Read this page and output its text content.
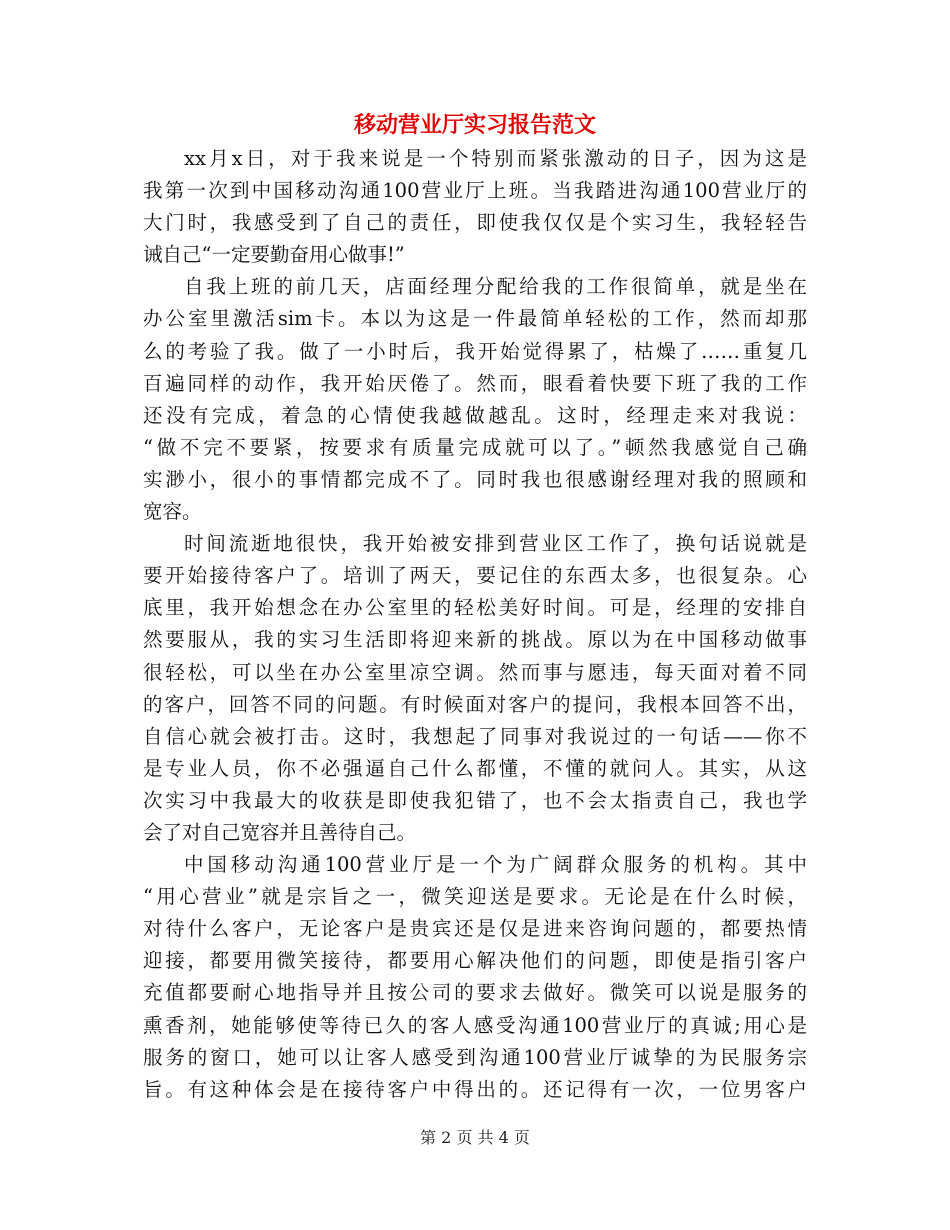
移动营业厅实习报告范文
xx月x日，对于我来说是一个特别而紧张激动的日子，因为这是
我第一次到中国移动沟通100营业厅上班。当我踏进沟通100营业厅的
大门时，我感受到了自己的责任，即使我仅仅是个实习生，我轻轻告
诫自己“一定要勤奋用心做事!”
自我上班的前几天，店面经理分配给我的工作很简单，就是坐在
办公室里激活sim卡。本以为这是一件最简单轻松的工作，然而却那
么的考验了我。做了一小时后，我开始觉得累了，枯燥了……重复几
百遍同样的动作，我开始厌倦了。然而，眼看着快要下班了我的工作
还没有完成，着急的心情使我越做越乱。这时，经理走来对我说：
“做不完不要紧，按要求有质量完成就可以了。”顿然我感觉自己确
实渺小，很小的事情都完成不了。同时我也很感谢经理对我的照顾和
宽容。
时间流逝地很快，我开始被安排到营业区工作了，换句话说就是
要开始接待客户了。培训了两天，要记住的东西太多，也很复杂。心
底里，我开始想念在办公室里的轻松美好时间。可是，经理的安排自
然要服从，我的实习生活即将迎来新的挑战。原以为在中国移动做事
很轻松，可以坐在办公室里凉空调。然而事与愿违，每天面对着不同
的客户，回答不同的问题。有时候面对客户的提问，我根本回答不出，
自信心就会被打击。这时，我想起了同事对我说过的一句话——你不
是专业人员，你不必强逼自己什么都懂，不懂的就问人。其实，从这
次实习中我最大的收获是即使我犯错了，也不会太指责自己，我也学
会了对自己宽容并且善待自己。
中国移动沟通100营业厅是一个为广阔群众服务的机构。其中
“用心营业”就是宗旨之一，微笑迎送是要求。无论是在什么时候，
对待什么客户，无论客户是贵宾还是仅是进来咨询问题的，都要热情
迎接，都要用微笑接待，都要用心解决他们的问题，即使是指引客户
充值都要耐心地指导并且按公司的要求去做好。微笑可以说是服务的
熏香剂，她能够使等待已久的客人感受沟通100营业厅的真诚;用心是
服务的窗口，她可以让客人感受到沟通100营业厅诚挚的为民服务宗
旨。有这种体会是在接待客户中得出的。还记得有一次，一位男客户
第 2 页 共 4 页
